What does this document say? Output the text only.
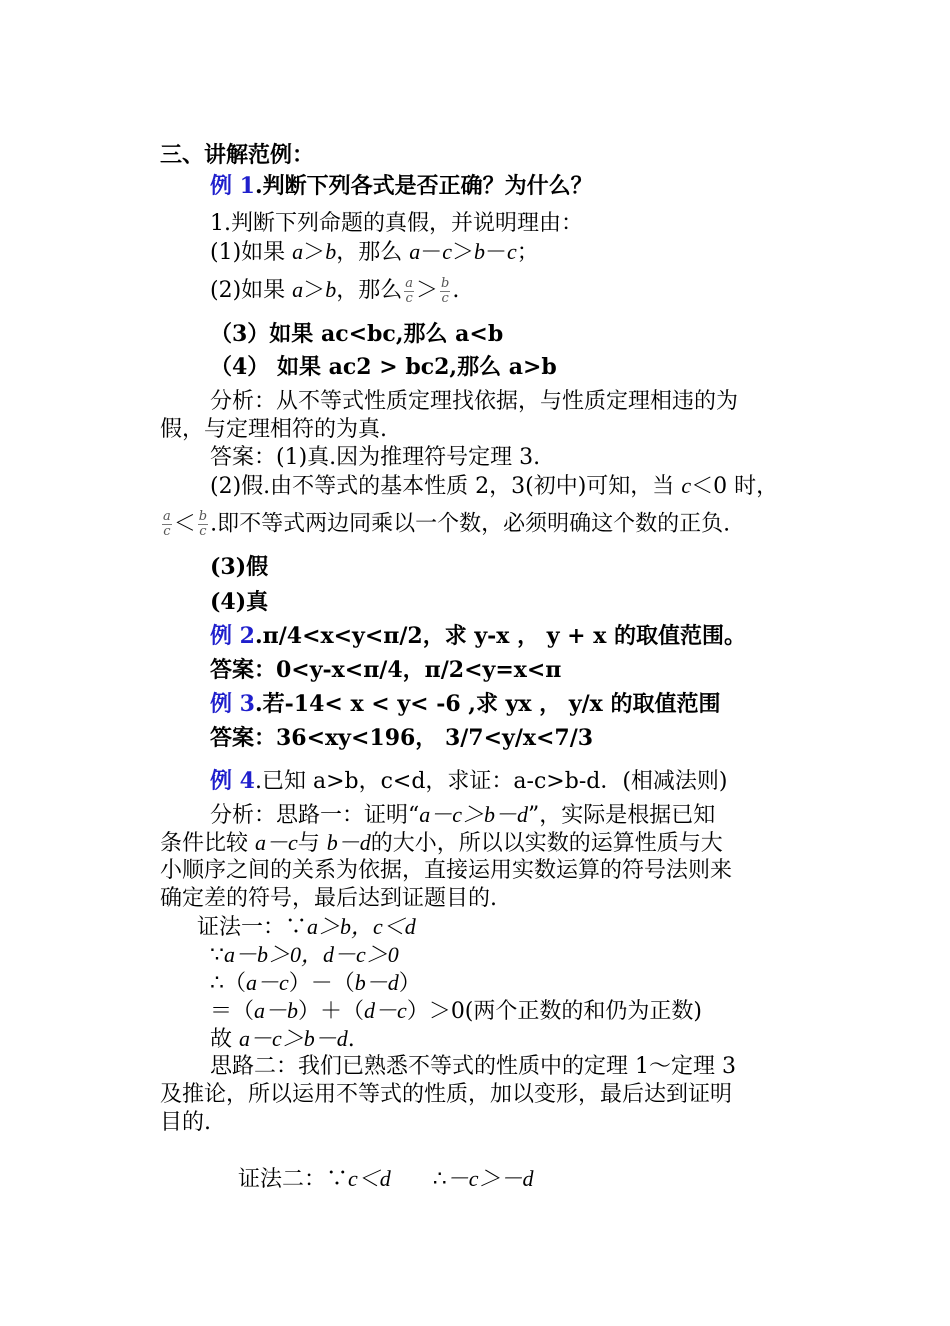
三、讲解范例：
例 1.判断下列各式是否正确？为什么？
1.判断下列命题的真假，并说明理由：
(1)如果 a＞b，那么 a－c＞b－c；
(2)如果 a＞b，那么 $\frac{a}{c} > \frac{b}{c}$ .
（3）如果 ac<bc,那么 a<b
（4） 如果 ac2 > bc2,那么 a>b
分析：从不等式性质定理找依据，与性质定理相违的为
假，与定理相符的为真.
答案：(1)真.因为推理符号定理 3.
(2)假.由不等式的基本性质 2，3(初中)可知，当 c＜0 时，
$\frac{a}{c} < \frac{b}{c}$ .即不等式两边同乘以一个数，必须明确这个数的正负.
(3)假
(4)真
例 2.π/4<x<y<π/2，求 y-x ， y + x 的取值范围。
答案：0<y-x<π/4，π/2<y=x<π
例 3.若-14< x < y< -6 ,求 yx ， y/x 的取值范围
答案：36<xy<196， 3/7<y/x<7/3
例 4.已知 a>b，c<d，求证：a-c>b-d．(相减法则)
分析：思路一：证明“a－c＞b－d”，实际是根据已知
条件比较 a－c与 b－d的大小，所以以实数的运算性质与大
小顺序之间的关系为依据，直接运用实数运算的符号法则来
确定差的符号，最后达到证题目的.
证法一：∵a＞b，c＜d
∵a－b＞0，d－c＞0
∴（a－c）－（b－d）
＝（a－b）＋（d－c）＞0(两个正数的和仍为正数)
故 a－c＞b－d.
思路二：我们已熟悉不等式的性质中的定理 1～定理 3
及推论，所以运用不等式的性质，加以变形，最后达到证明
目的.

证法二：∵c＜d      ∴－c＞－d
